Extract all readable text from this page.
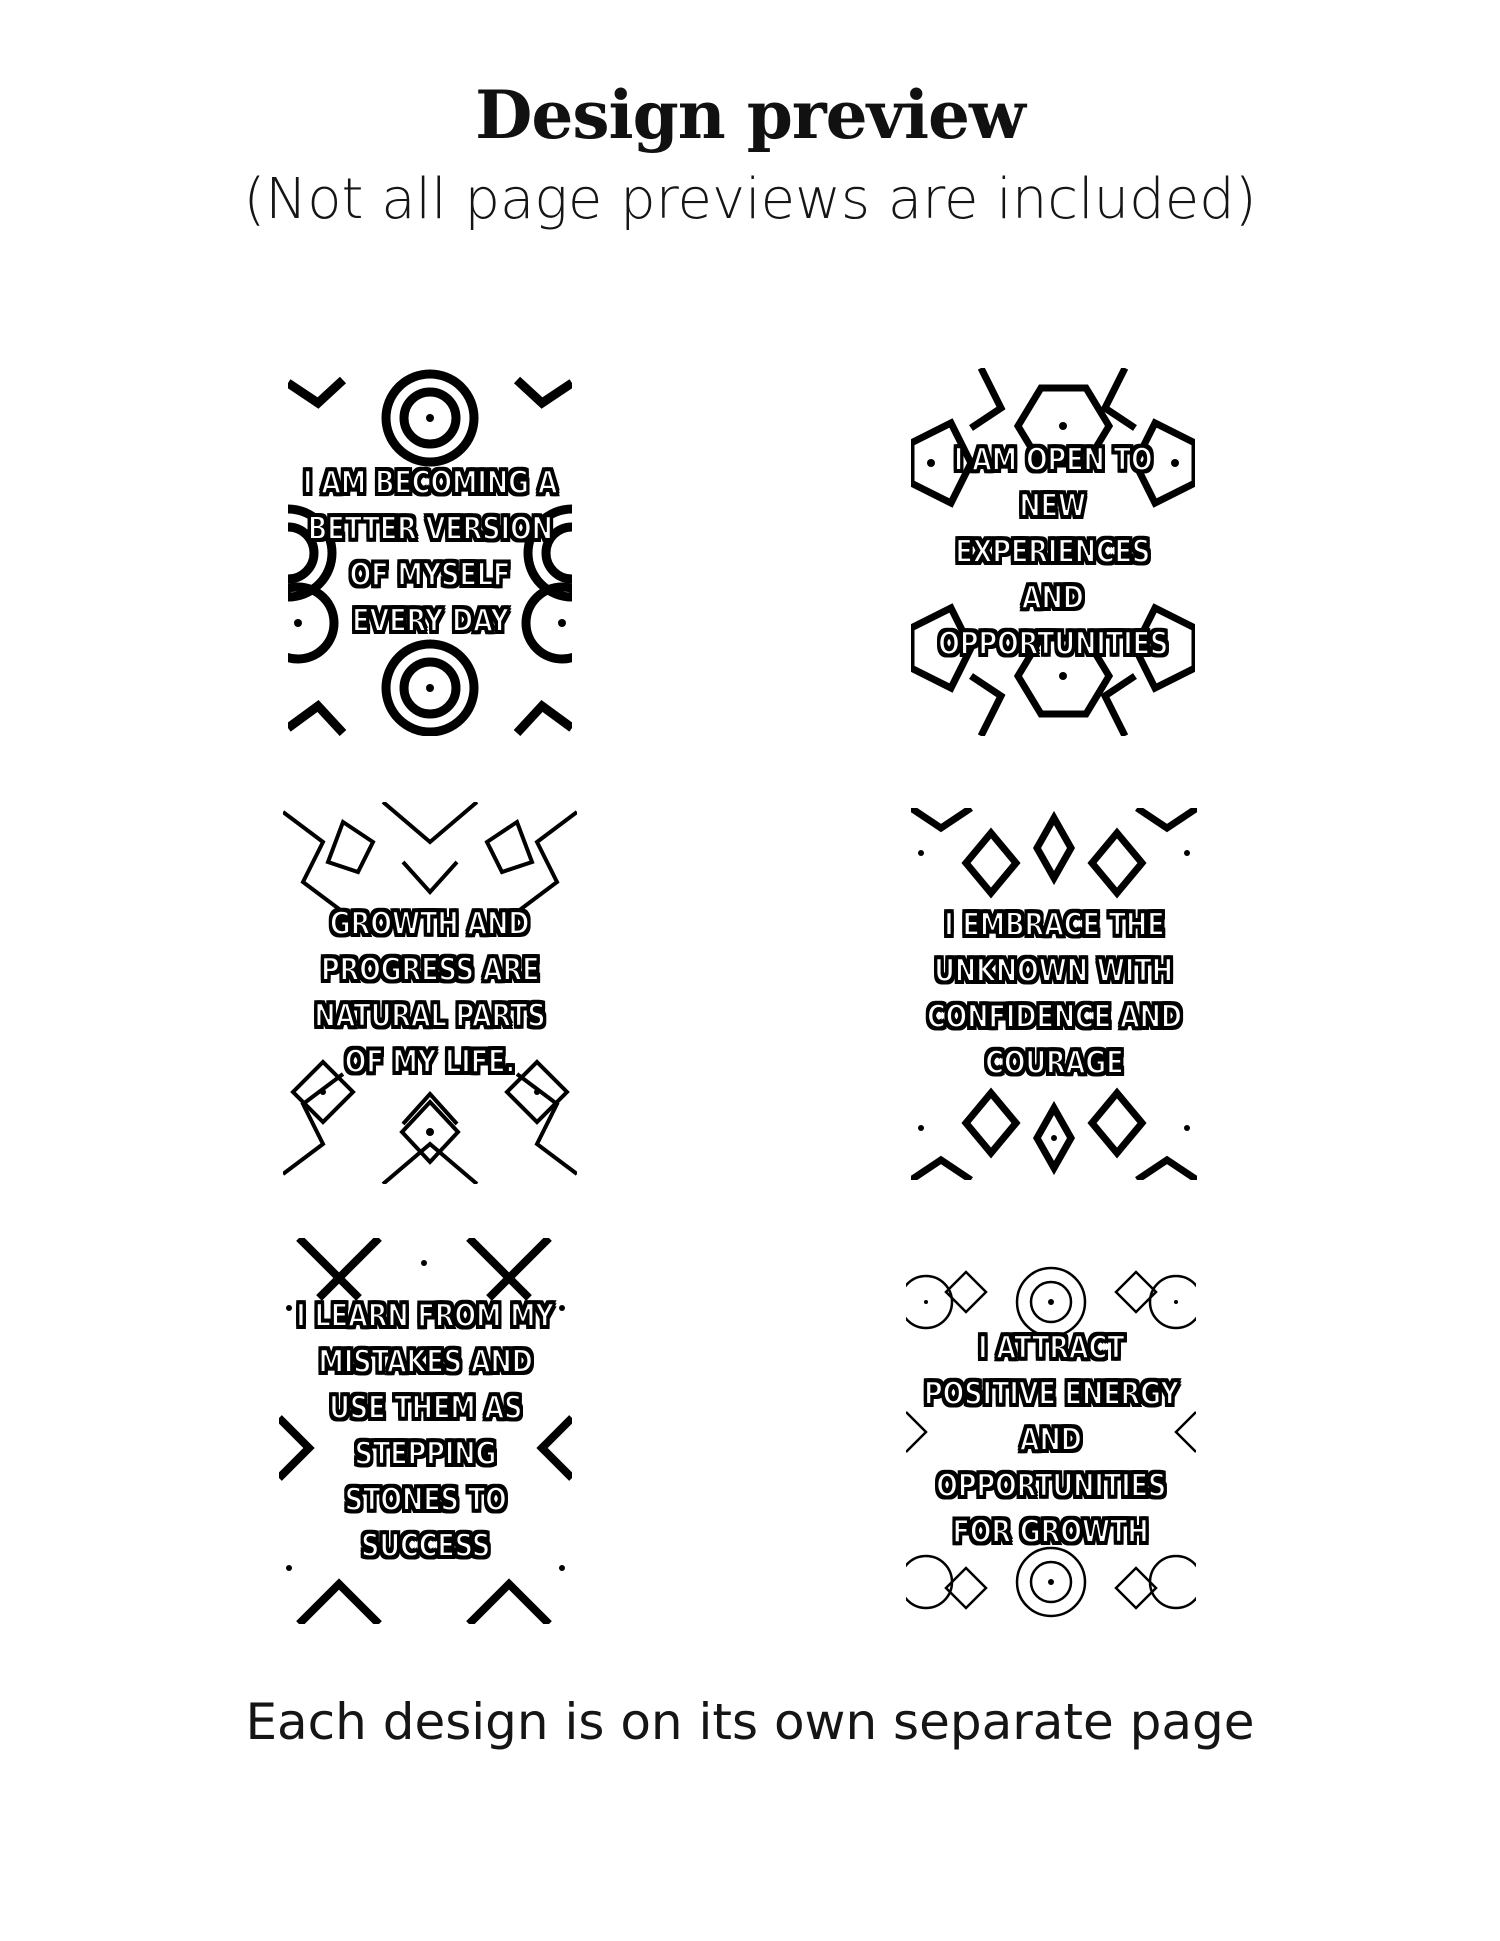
Design preview
(Not all page previews are included)
I AM BECOMING A
BETTER VERSION
OF MYSELF
EVERY DAY
I AM OPEN TO
NEW
EXPERIENCES
AND
OPPORTUNITIES
GROWTH AND
PROGRESS ARE
NATURAL PARTS
OF MY LIFE.
I EMBRACE THE
UNKNOWN WITH
CONFIDENCE AND
COURAGE
I LEARN FROM MY
MISTAKES AND
USE THEM AS
STEPPING
STONES TO
SUCCESS
I ATTRACT
POSITIVE ENERGY
AND
OPPORTUNITIES
FOR GROWTH
Each design is on its own separate page
